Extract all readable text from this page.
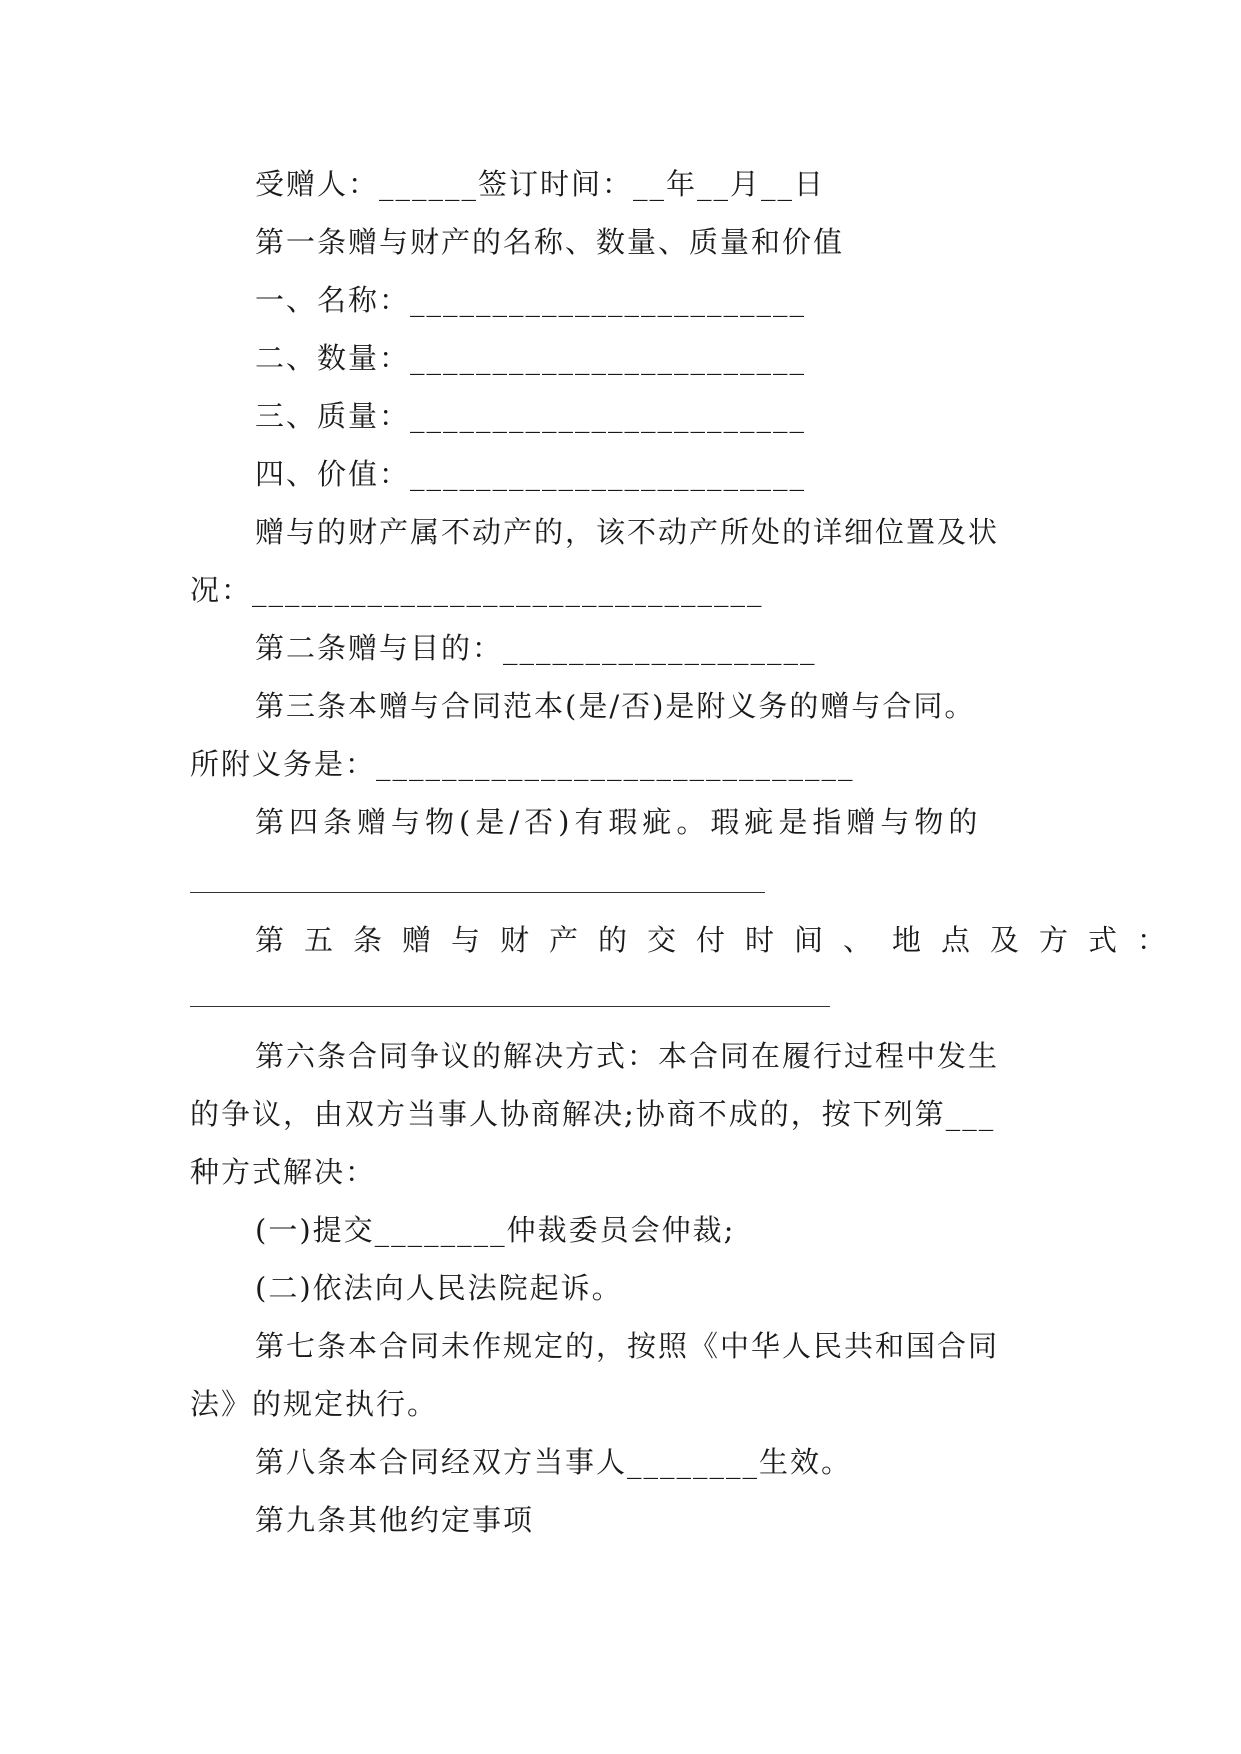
受赠人：______签订时间：__年__月__日
第一条赠与财产的名称、数量、质量和价值
一、名称：________________________
二、数量：________________________
三、质量：________________________
四、价值：________________________
赠与的财产属不动产的，该不动产所处的详细位置及状
况：_______________________________
第二条赠与目的：___________________
第三条本赠与合同范本(是/否)是附义务的赠与合同。
所附义务是：_____________________________
第四条赠与物(是/否)有瑕疵。瑕疵是指赠与物的
第五条赠与财产的交付时间、地点及方式：
第六条合同争议的解决方式：本合同在履行过程中发生
的争议，由双方当事人协商解决;协商不成的，按下列第___
种方式解决：
(一)提交________仲裁委员会仲裁;
(二)依法向人民法院起诉。
第七条本合同未作规定的，按照《中华人民共和国合同
法》的规定执行。
第八条本合同经双方当事人________生效。
第九条其他约定事项
